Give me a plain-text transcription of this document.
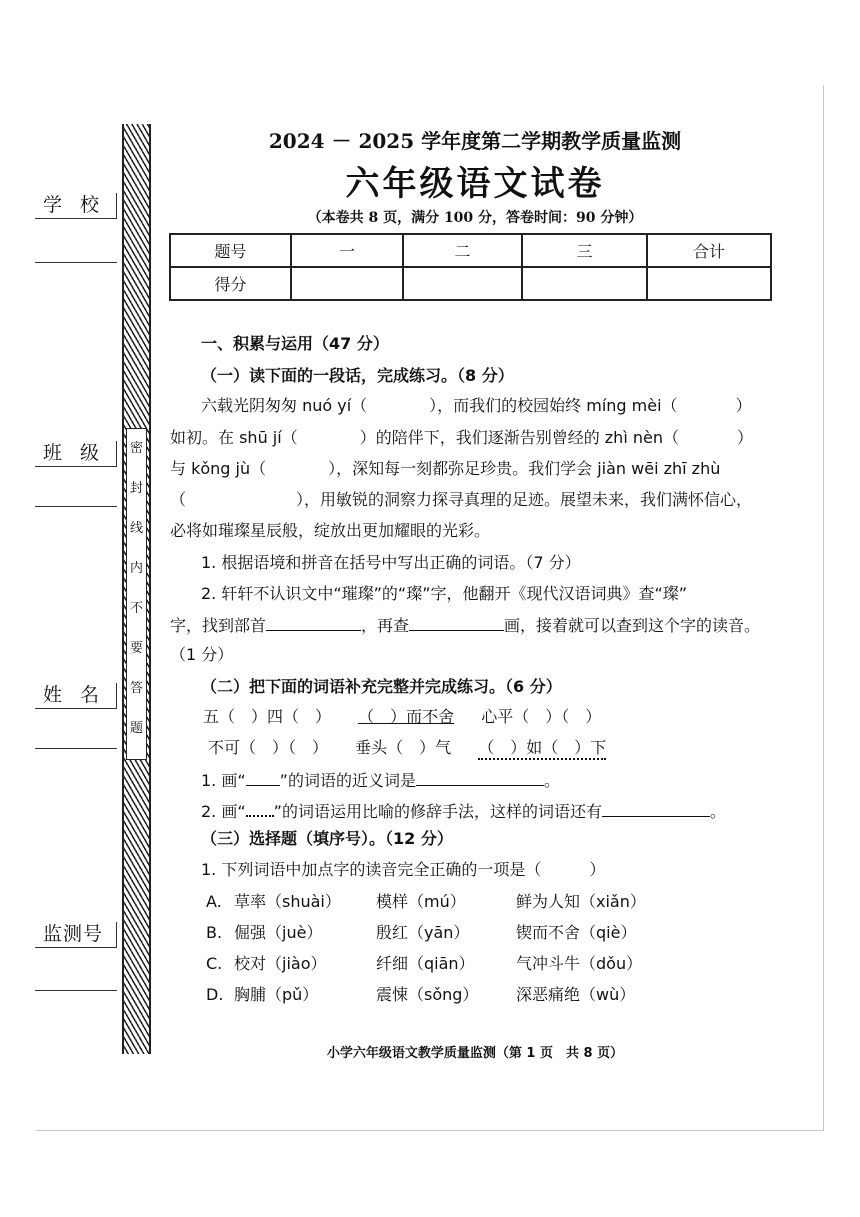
学 校
班 级
姓 名
监测号
密
封
线
内
不
要
答
题
2024 － 2025 学年度第二学期教学质量监测
六年级语文试卷
（本卷共 8 页，满分 100 分，答卷时间：90 分钟）
题号	一	二	三	合计
得分				
一、积累与运用（47 分）
（一）读下面的一段话，完成练习。（8 分）
六载光阴匆匆 nuó yí（	），而我们的校园始终 míng mèi（	）
如初。在 shū jí（	）的陪伴下，我们逐渐告别曾经的 zhì nèn（	）
与 kǒng jù（	），深知每一刻都弥足珍贵。我们学会 jiàn wēi zhī zhù
（	），用敏锐的洞察力探寻真理的足迹。展望未来，我们满怀信心，
必将如璀璨星辰般，绽放出更加耀眼的光彩。
1. 根据语境和拼音在括号中写出正确的词语。（7 分）
2. 轩轩不认识文中“璀璨”的“璨”字，他翻开《现代汉语词典》查“璨”
字，找到部首	，再查	画，接着就可以查到这个字的读音。
（1 分）
（二）把下面的词语补充完整并完成练习。（6 分）
五（　）四（　） （　）而不舍 心平（　）（　）
不可（　）（　） 垂头（　）气 （　）如（　）下
1. 画“ ”的词语的近义词是	。
2. 画“ ”的词语运用比喻的修辞手法，这样的词语还有	。
（三）选择题（填序号）。（12 分）
1. 下列词语中加点字的读音完全正确的一项是（　　　）
A. 草率（shuài） 模样（mú）	鲜为人知（xiǎn）
B. 倔强（juè）	殷红（yān）	锲而不舍（qiè）
C. 校对（jiào）	纤细（qiān）	气冲斗牛（dǒu）
D. 胸脯（pǔ）	震悚（sǒng） 深恶痛绝（wù）
小学六年级语文教学质量监测（第 1 页　共 8 页）
